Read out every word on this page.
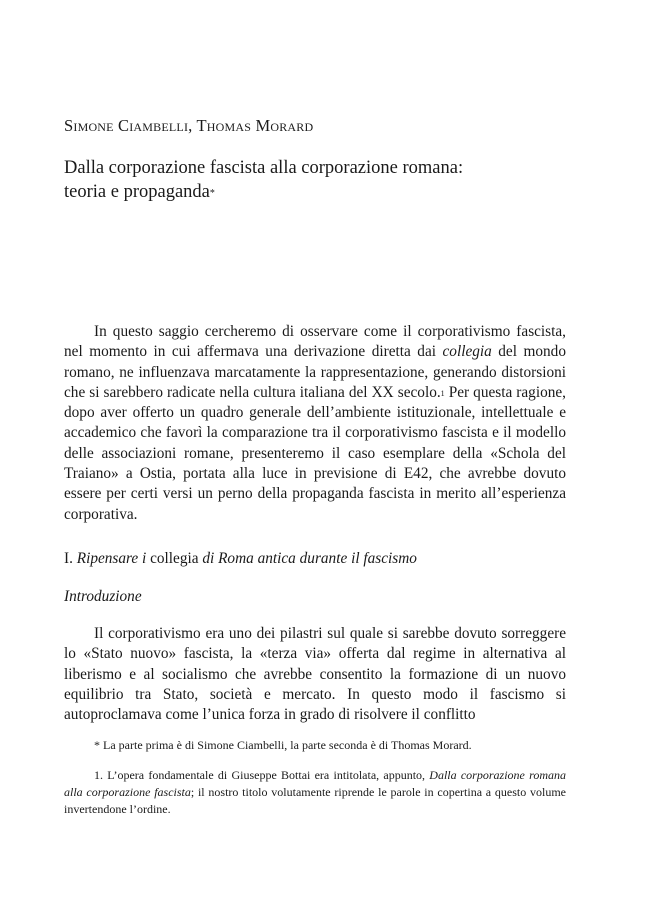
Simone Ciambelli, Thomas Morard

Dalla corporazione fascista alla corporazione romana:
teoria e propaganda*

In questo saggio cercheremo di osservare come il corporativismo fascista, nel momento in cui affermava una derivazione diretta dai collegia del mondo romano, ne influenzava marcatamente la rappresentazione, generando distorsioni che si sarebbero radicate nella cultura italiana del XX secolo.$^1$ Per questa ragione, dopo aver offerto un quadro generale dell’ambiente istituzionale, intellettuale e accademico che favorì la comparazione tra il corporativismo fascista e il modello delle associazioni romane, presenteremo il caso esemplare della «Schola del Traiano» a Ostia, portata alla luce in previsione di E42, che avrebbe dovuto essere per certi versi un perno della propaganda fascista in merito all’esperienza corporativa.

I. Ripensare i collegia di Roma antica durante il fascismo
Introduzione

Il corporativismo era uno dei pilastri sul quale si sarebbe dovuto sorreggere lo «Stato nuovo» fascista, la «terza via» offerta dal regime in alternativa al liberismo e al socialismo che avrebbe consentito la formazione di un nuovo equilibrio tra Stato, società e mercato. In questo modo il fascismo si autoproclamava come l’unica forza in grado di risolvere il conflitto

* La parte prima è di Simone Ciambelli, la parte seconda è di Thomas Morard.

1. L’opera fondamentale di Giuseppe Bottai era intitolata, appunto, Dalla corporazione romana alla corporazione fascista; il nostro titolo volutamente riprende le parole in copertina a questo volume invertendone l’ordine.
